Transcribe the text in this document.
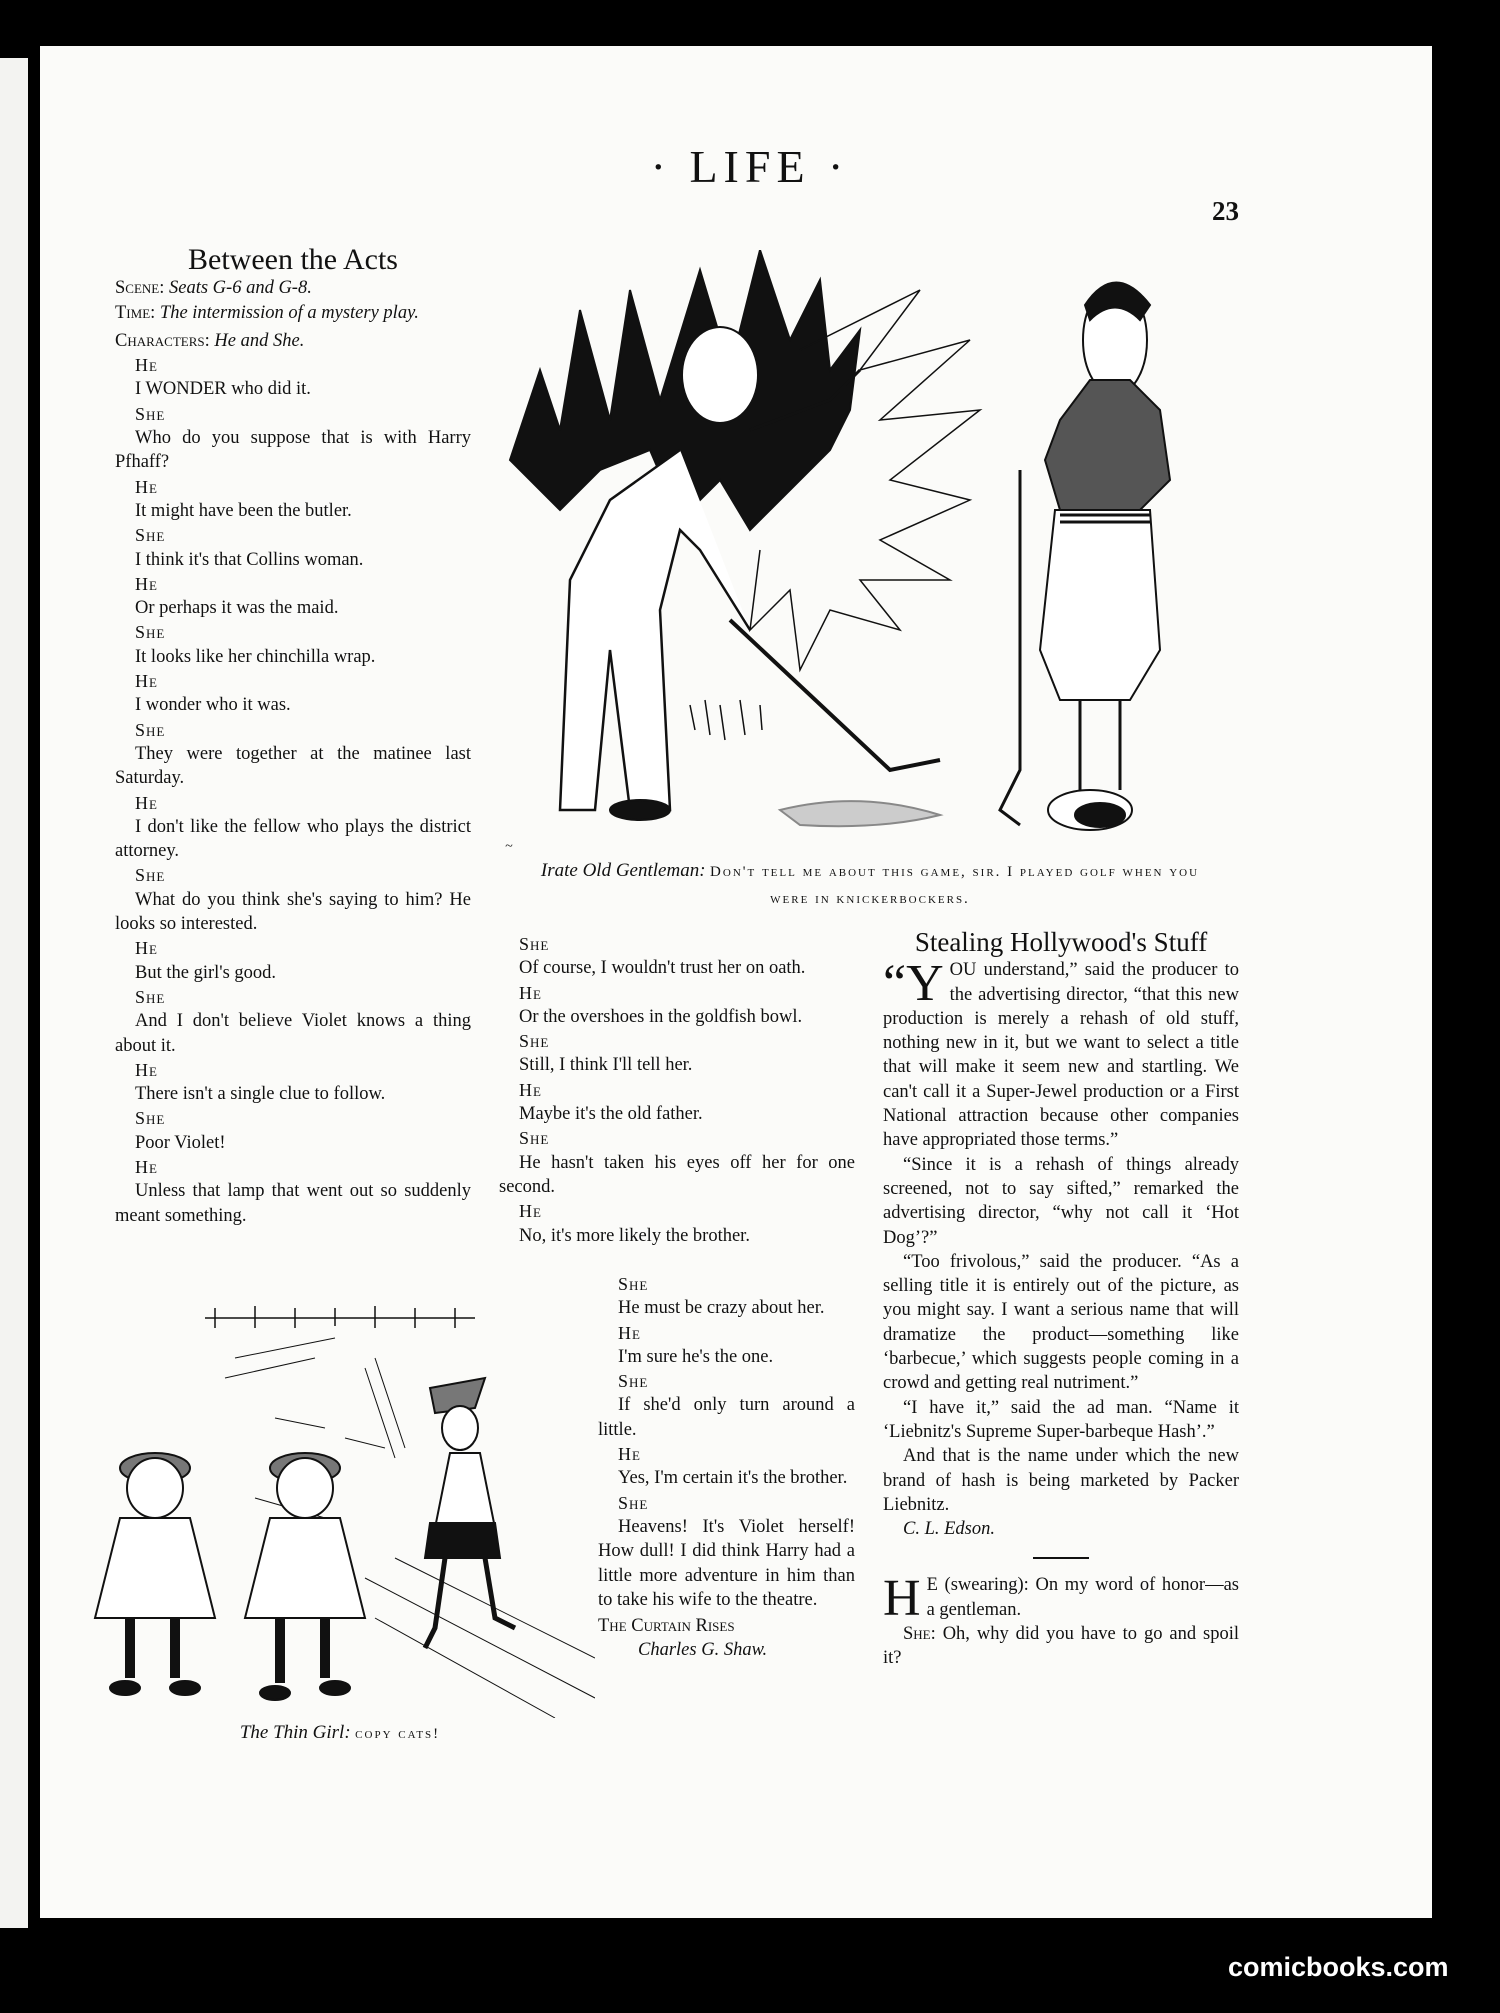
· LIFE ·
23
Between the Acts

Scene: Seats G-6 and G-8.

Time: The intermission of a mystery play.

Characters: He and She.

He

I WONDER who did it.

She

Who do you suppose that is with Harry Pfhaff?

He

It might have been the butler.

She

I think it's that Collins woman.

He

Or perhaps it was the maid.

She

It looks like her chinchilla wrap.

He

I wonder who it was.

She

They were together at the matinee last Saturday.

He

I don't like the fellow who plays the district attorney.

She

What do you think she's saying to him? He looks so interested.

He

But the girl's good.

She

And I don't believe Violet knows a thing about it.

He

There isn't a single clue to follow.

She

Poor Violet!

He

Unless that lamp that went out so suddenly meant something.

~
Irate Old Gentleman: Don't tell me about this game, sir. I played golf when you were in knickerbockers.
The Thin Girl: copy cats!

She

Of course, I wouldn't trust her on oath.

He

Or the overshoes in the goldfish bowl.

She

Still, I think I'll tell her.

He

Maybe it's the old father.

She

He hasn't taken his eyes off her for one second.

He

No, it's more likely the brother.

She

He must be crazy about her.

He

I'm sure he's the one.

She

If she'd only turn around a little.

He

Yes, I'm certain it's the brother.

She

Heavens! It's Violet herself! How dull! I did think Harry had a little more adventure in him than to take his wife to the theatre.

The Curtain Rises

Charles G. Shaw.

Stealing Hollywood's Stuff

“YOU understand,” said the producer to the advertising director, “that this new production is merely a rehash of old stuff, nothing new in it, but we want to select a title that will make it seem new and startling. We can't call it a Super-Jewel production or a First National attraction because other companies have appropriated those terms.”

“Since it is a rehash of things already screened, not to say sifted,” remarked the advertising director, “why not call it ‘Hot Dog’?”

“Too frivolous,” said the producer. “As a selling title it is entirely out of the picture, as you might say. I want a serious name that will dramatize the product—something like ‘barbecue,’ which suggests people coming in a crowd and getting real nutriment.”

“I have it,” said the ad man. “Name it ‘Liebnitz's Supreme Super-barbeque Hash’.”

And that is the name under which the new brand of hash is being marketed by Packer Liebnitz.

C. L. Edson.

H E (swearing): On my word of honor—as a gentleman.

She: Oh, why did you have to go and spoil it?

comicbooks.com
